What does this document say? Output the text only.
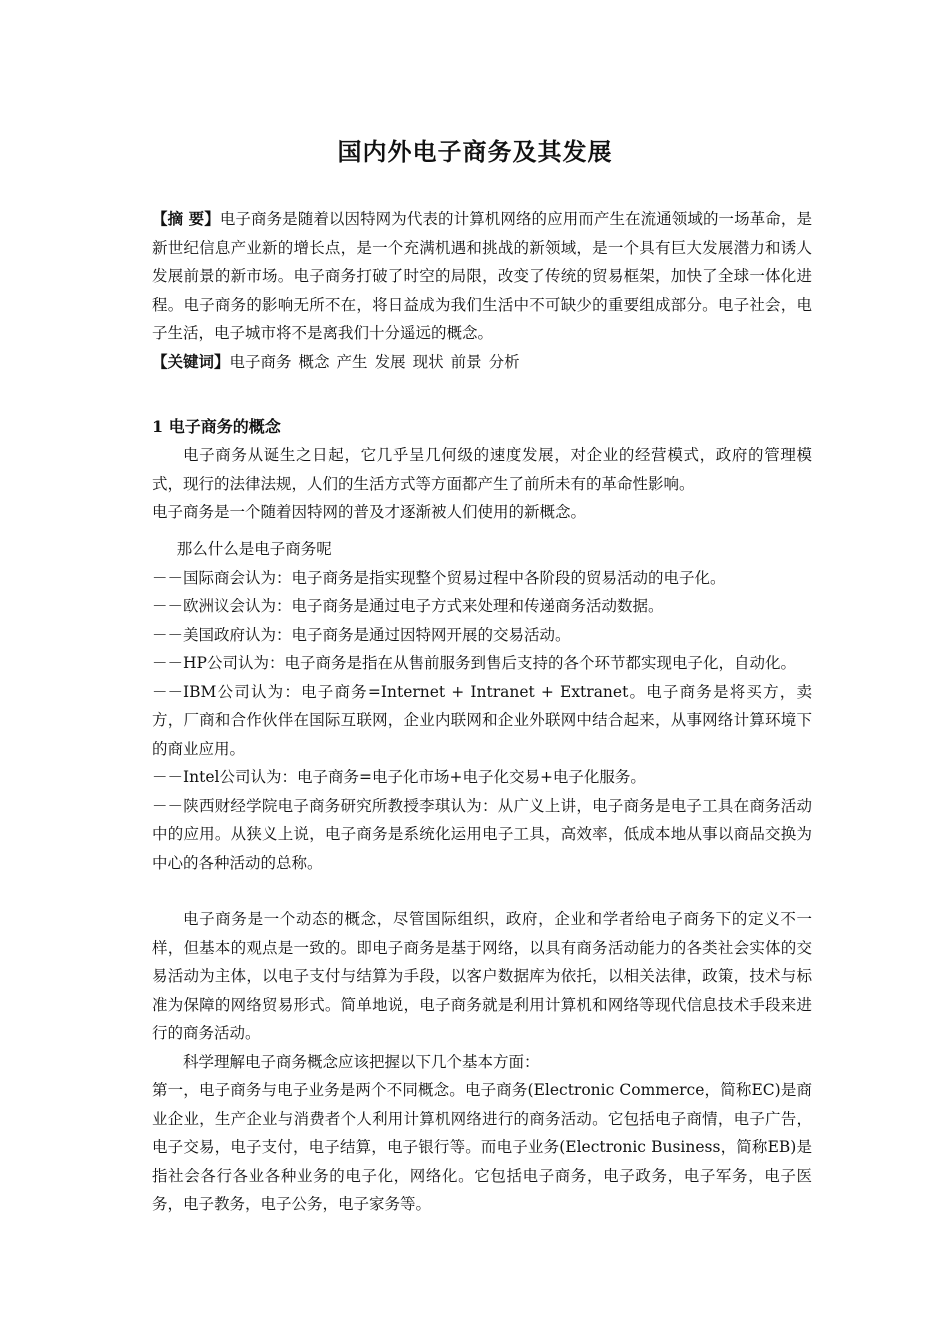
国内外电子商务及其发展
【摘 要】电子商务是随着以因特网为代表的计算机网络的应用而产生在流通领域的一场革命，是新世纪信息产业新的增长点，是一个充满机遇和挑战的新领域，是一个具有巨大发展潜力和诱人发展前景的新市场。电子商务打破了时空的局限，改变了传统的贸易框架，加快了全球一体化进程。电子商务的影响无所不在，将日益成为我们生活中不可缺少的重要组成部分。电子社会，电子生活，电子城市将不是离我们十分遥远的概念。
【关键词】电子商务 概念 产生 发展 现状 前景 分析
1 电子商务的概念

电子商务从诞生之日起，它几乎呈几何级的速度发展，对企业的经营模式，政府的管理模式，现行的法律法规，人们的生活方式等方面都产生了前所未有的革命性影响。

电子商务是一个随着因特网的普及才逐渐被人们使用的新概念。

那么什么是电子商务呢

－－国际商会认为：电子商务是指实现整个贸易过程中各阶段的贸易活动的电子化。

－－欧洲议会认为：电子商务是通过电子方式来处理和传递商务活动数据。

－－美国政府认为：电子商务是通过因特网开展的交易活动。

－－HP公司认为：电子商务是指在从售前服务到售后支持的各个环节都实现电子化，自动化。

－－IBM公司认为：电子商务=Internet + Intranet + Extranet。电子商务是将买方，卖方，厂商和合作伙伴在国际互联网，企业内联网和企业外联网中结合起来，从事网络计算环境下的商业应用。

－－Intel公司认为：电子商务=电子化市场+电子化交易+电子化服务。

－－陕西财经学院电子商务研究所教授李琪认为：从广义上讲，电子商务是电子工具在商务活动中的应用。从狭义上说，电子商务是系统化运用电子工具，高效率，低成本地从事以商品交换为中心的各种活动的总称。

电子商务是一个动态的概念，尽管国际组织，政府，企业和学者给电子商务下的定义不一样，但基本的观点是一致的。即电子商务是基于网络，以具有商务活动能力的各类社会实体的交易活动为主体，以电子支付与结算为手段，以客户数据库为依托，以相关法律，政策，技术与标准为保障的网络贸易形式。简单地说，电子商务就是利用计算机和网络等现代信息技术手段来进行的商务活动。

科学理解电子商务概念应该把握以下几个基本方面：

第一，电子商务与电子业务是两个不同概念。电子商务(Electronic Commerce，简称EC)是商业企业，生产企业与消费者个人利用计算机网络进行的商务活动。它包括电子商情，电子广告，电子交易，电子支付，电子结算，电子银行等。而电子业务(Electronic Business，简称EB)是指社会各行各业各种业务的电子化，网络化。它包括电子商务，电子政务，电子军务，电子医务，电子教务，电子公务，电子家务等。
